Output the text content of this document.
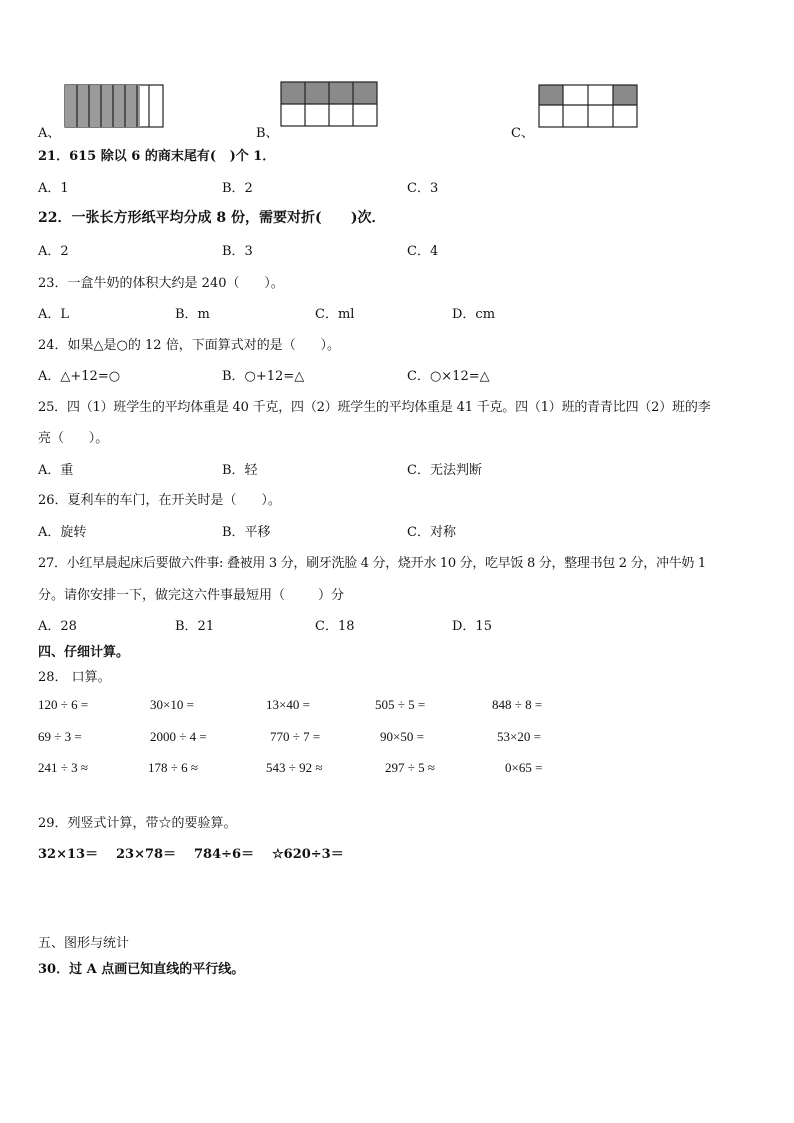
A、	B、	C、
21．615 除以 6 的商末尾有(   )个 1．
A．1	B．2	C．3
22．一张长方形纸平均分成 8 份，需要对折(      )次．
A．2	B．3	C．4
23．一盒牛奶的体积大约是 240（      ）。
A．L	B．m	C．ml	D．cm
24．如果△是○的 12 倍，下面算式对的是（      ）。
A．△+12=○	B．○+12=△	C．○×12=△
25．四（1）班学生的平均体重是 40 千克，四（2）班学生的平均体重是 41 千克。四（1）班的青青比四（2）班的李
亮（      ）。
A．重	B．轻	C．无法判断
26．夏利车的车门，在开关时是（      ）。
A．旋转	B．平移	C．对称
27．小红早晨起床后要做六件事: 叠被用 3 分，刷牙洗脸 4 分，烧开水 10 分，吃早饭 8 分，整理书包 2 分，冲牛奶 1
分。请你安排一下，做完这六件事最短用（        ）分
A．28	B．21	C．18	D．15
四、仔细计算。
28． 口算。
120 ÷ 6 =	30×10 =	13×40 =	505 ÷ 5 =	848 ÷ 8 =
69 ÷ 3 =	2000 ÷ 4 =	770 ÷ 7 =	90×50 =	53×20 =
241 ÷ 3 ≈	178 ÷ 6 ≈	543 ÷ 92 ≈	297 ÷ 5 ≈	0×65 =
29．列竖式计算，带☆的要验算。
32×13＝ 23×78＝ 784÷6＝ ☆620÷3＝
五、图形与统计
30．过 A 点画已知直线的平行线。
